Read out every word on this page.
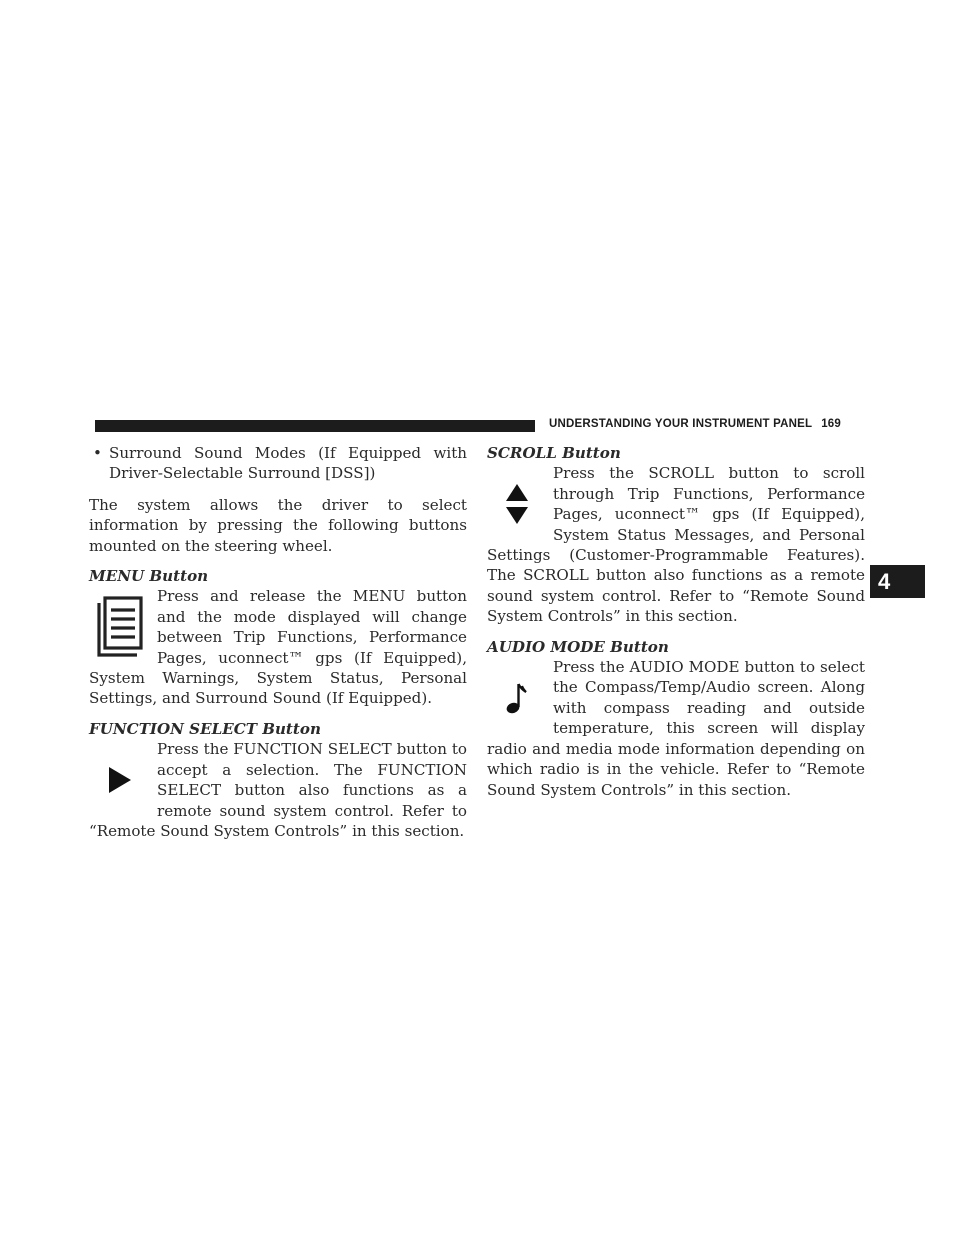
UNDERSTANDING YOUR INSTRUMENT PANEL 169
4
• Surround Sound Modes (If Equipped with Driver-Selectable Surround [DSS])

The system allows the driver to select information by pressing the following buttons mounted on the steering wheel.

MENU Button

Press and release the MENU button and the mode displayed will change between Trip Functions, Performance Pages, uconnect™ gps (If Equipped), System Warnings, System Status, Personal Settings, and Surround Sound (If Equipped).

FUNCTION SELECT Button

Press the FUNCTION SELECT button to accept a selection. The FUNCTION SELECT button also functions as a remote sound system control. Refer to “Remote Sound System Controls” in this section.

SCROLL Button

Press the SCROLL button to scroll through Trip Functions, Performance Pages, uconnect™ gps (If Equipped), System Status Messages, and Personal Settings (Customer-Programmable Features). The SCROLL button also functions as a remote sound system control. Refer to “Remote Sound System Controls” in this section.

AUDIO MODE Button

Press the AUDIO MODE button to select the Compass/Temp/Audio screen. Along with compass reading and outside temperature, this screen will display radio and media mode information depending on which radio is in the vehicle. Refer to “Remote Sound System Controls” in this section.
